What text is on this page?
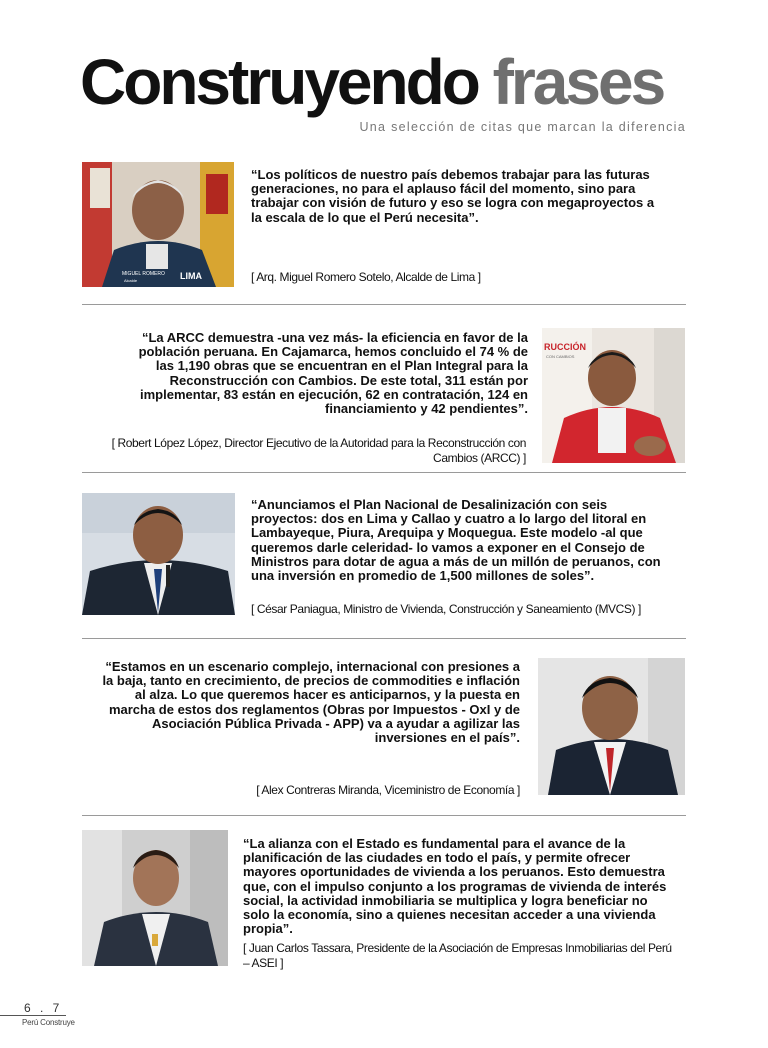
Construyendo frases
Una selección de citas que marcan la diferencia
MIGUEL ROMERO
Alcalde	LIMA

“Los políticos de nuestro país debemos trabajar para las futuras generaciones, no para el aplauso fácil del momento, sino para trabajar con visión de futuro y eso se logra con megaproyectos a la escala de lo que el Perú necesita”.

[ Arq. Miguel Romero Sotelo, Alcalde de Lima ]

“La ARCC demuestra -una vez más- la eficiencia en favor de la población peruana. En Cajamarca, hemos concluido el 74 % de las 1,190 obras que se encuentran en el Plan Integral para la Reconstrucción con Cambios. De este total, 311 están por implementar, 83 están en ejecución, 62 en contratación, 124 en financiamiento y 42 pendientes”.

[ Robert López López, Director Ejecutivo de la Autoridad para la Reconstrucción con Cambios (ARCC) ]

RUCCIÓN
CON CAMBIOS

“Anunciamos el Plan Nacional de Desalinización con seis proyectos: dos en Lima y Callao y cuatro a lo largo del litoral en Lambayeque, Piura, Arequipa y Moquegua. Este modelo -al que queremos darle celeridad- lo vamos a exponer en el Consejo de Ministros para dotar de agua a más de un millón de peruanos, con una inversión en promedio de 1,500 millones de soles”.

[ César Paniagua, Ministro de Vivienda, Construcción y Saneamiento (MVCS) ]

“Estamos en un escenario complejo, internacional con presiones a la baja, tanto en crecimiento, de precios de commodities e inflación al alza. Lo que queremos hacer es anticiparnos, y la puesta en marcha de estos dos reglamentos (Obras por Impuestos - OxI y de Asociación Pública Privada - APP) va a ayudar a agilizar las inversiones en el país”.

[ Alex Contreras Miranda, Viceministro de Economía ]

“La alianza con el Estado es fundamental para el avance de la planificación de las ciudades en todo el país, y permite ofrecer mayores oportunidades de vivienda a los peruanos. Esto demuestra que, con el impulso conjunto a los programas de vivienda de interés social, la actividad inmobiliaria se multiplica y logra beneficiar no solo la economía, sino a quienes necesitan acceder a una vivienda propia”.

[ Juan Carlos Tassara, Presidente de la Asociación de Empresas Inmobiliarias del Perú – ASEI ]

6 . 7
Perú Construye
